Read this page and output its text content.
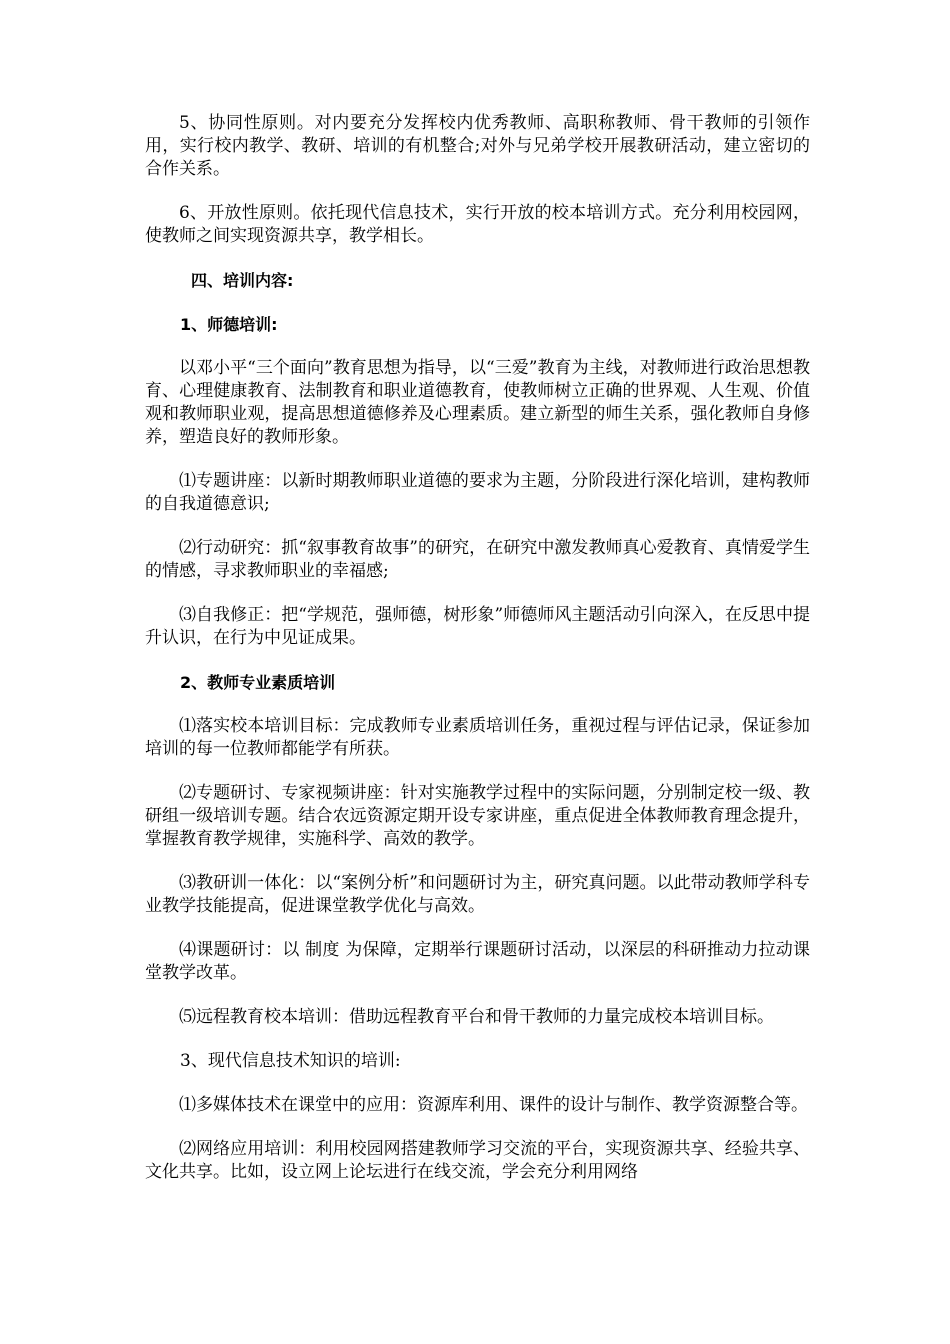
5、协同性原则。对内要充分发挥校内优秀教师、高职称教师、骨干教师的引领作用，实行校内教学、教研、培训的有机整合;对外与兄弟学校开展教研活动，建立密切的合作关系。

6、开放性原则。依托现代信息技术，实行开放的校本培训方式。充分利用校园网，使教师之间实现资源共享，教学相长。

四、培训内容:

1、师德培训:

以邓小平“三个面向”教育思想为指导，以“三爱”教育为主线，对教师进行政治思想教育、心理健康教育、法制教育和职业道德教育，使教师树立正确的世界观、人生观、价值观和教师职业观，提高思想道德修养及心理素质。建立新型的师生关系，强化教师自身修养，塑造良好的教师形象。

⑴专题讲座：以新时期教师职业道德的要求为主题，分阶段进行深化培训，建构教师的自我道德意识;

⑵行动研究：抓“叙事教育故事”的研究，在研究中激发教师真心爱教育、真情爱学生的情感，寻求教师职业的幸福感;

⑶自我修正：把“学规范，强师德，树形象”师德师风主题活动引向深入，在反思中提升认识，在行为中见证成果。

2、教师专业素质培训

⑴落实校本培训目标：完成教师专业素质培训任务，重视过程与评估记录，保证参加培训的每一位教师都能学有所获。

⑵专题研讨、专家视频讲座：针对实施教学过程中的实际问题，分别制定校一级、教研组一级培训专题。结合农远资源定期开设专家讲座，重点促进全体教师教育理念提升，掌握教育教学规律，实施科学、高效的教学。

⑶教研训一体化：以“案例分析”和问题研讨为主，研究真问题。以此带动教师学科专业教学技能提高，促进课堂教学优化与高效。

⑷课题研讨：以 制度 为保障，定期举行课题研讨活动，以深层的科研推动力拉动课堂教学改革。

⑸远程教育校本培训：借助远程教育平台和骨干教师的力量完成校本培训目标。

3、现代信息技术知识的培训:

⑴多媒体技术在课堂中的应用：资源库利用、课件的设计与制作、教学资源整合等。

⑵网络应用培训：利用校园网搭建教师学习交流的平台，实现资源共享、经验共享、文化共享。比如，设立网上论坛进行在线交流，学会充分利用网络
